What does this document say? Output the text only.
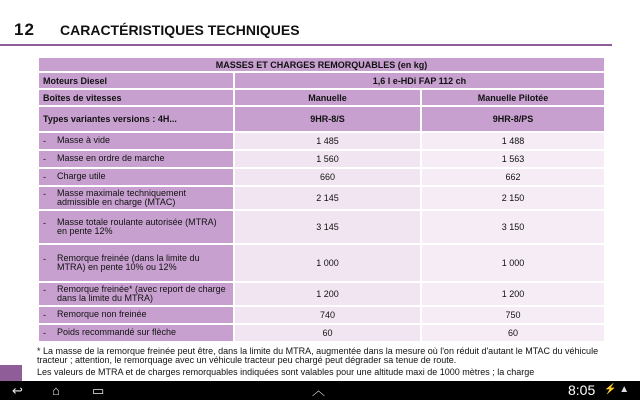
12 CARACTÉRISTIQUES TECHNIQUES
MASSES ET CHARGES REMORQUABLES (en kg)		
Moteurs Diesel	1,6 l e-HDi FAP 112 ch	
Boîtes de vitesses	Manuelle	Manuelle Pilotée
Types variantes versions : 4H...	9HR-8/S	9HR-8/PS
- Masse à vide	1 485	1 488
- Masse en ordre de marche	1 560	1 563
- Charge utile	660	662
- Masse maximale techniquement admissible en charge (MTAC)	2 145	2 150
- Masse totale roulante autorisée (MTRA) en pente 12%	3 145	3 150
- Remorque freinée (dans la limite du MTRA) en pente 10% ou 12%	1 000	1 000
- Remorque freinée* (avec report de charge dans la limite du MTRA)	1 200	1 200
- Remorque non freinée	740	750
- Poids recommandé sur flèche	60	60
* La masse de la remorque freinée peut être, dans la limite du MTRA, augmentée dans la mesure où l'on réduit d'autant le MTAC du véhicule tracteur ; attention, le remorquage avec un véhicule tracteur peu chargé peut dégrader sa tenue de route.
Les valeurs de MTRA et de charges remorquables indiquées sont valables pour une altitude maxi de 1000 mètres ; la charge
↩ ⌂ ▭	︿	8:05 ⚡ ▲
